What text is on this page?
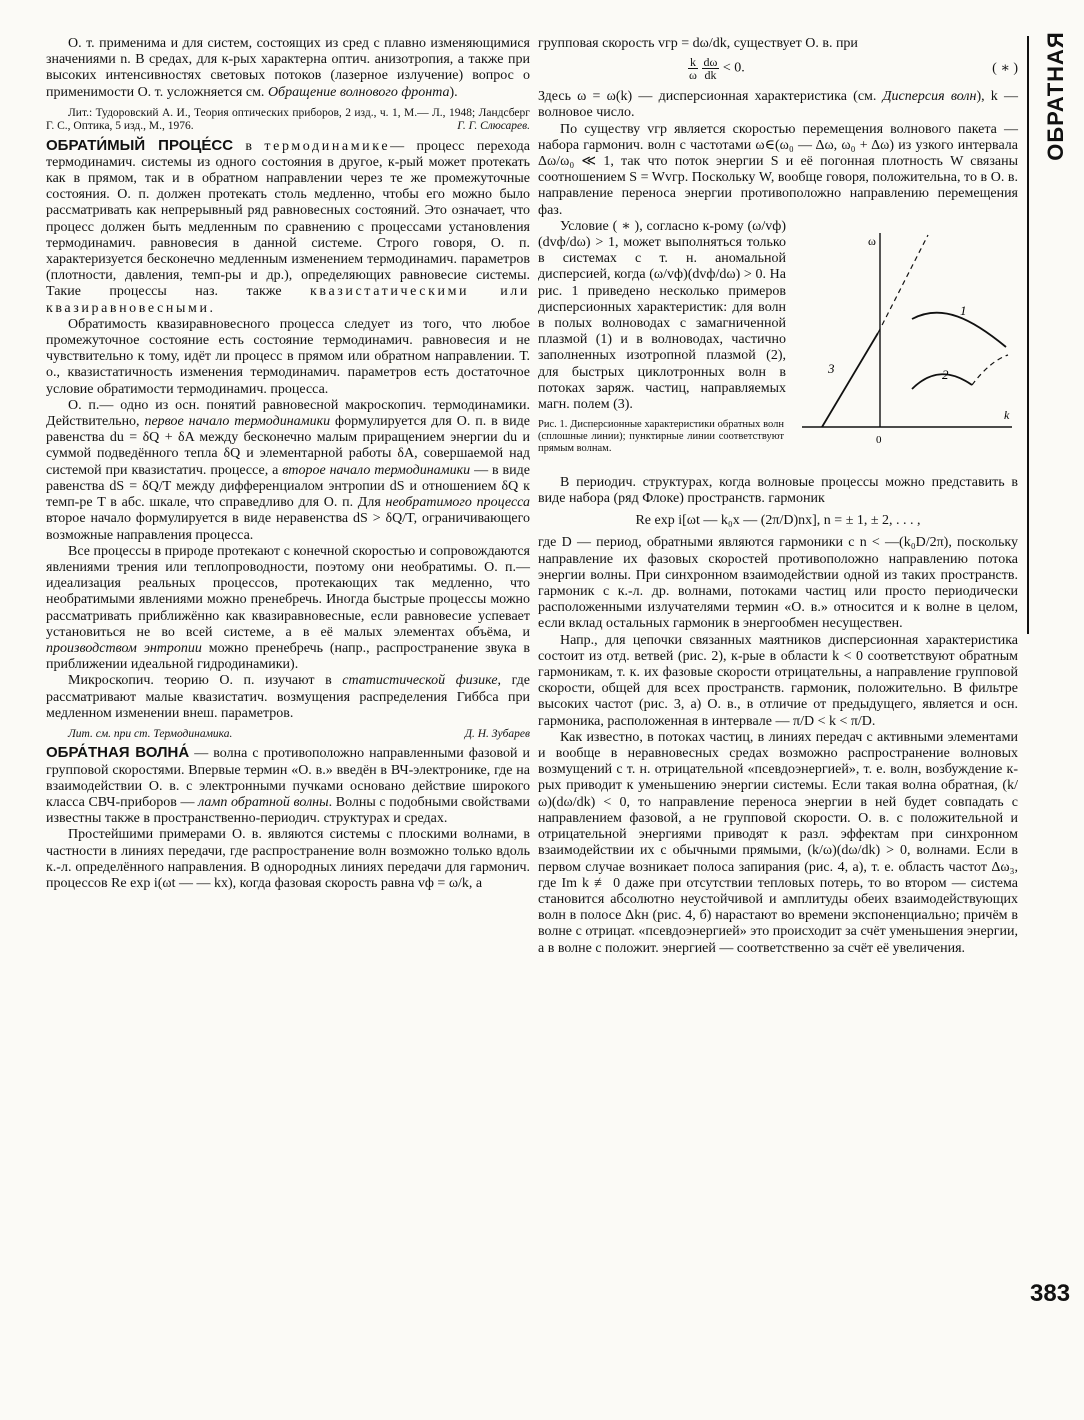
ОБРАТНАЯ
383

О. т. применима и для систем, состоящих из сред с плавно изменяющимися значениями n. В средах, для к-рых характерна оптич. анизотропия, а также при высоких интенсивностях световых потоков (лазерное излучение) вопрос о применимости О. т. усложняется см. Обращение волнового фронта).

Лит.: Тудоровский А. И., Теория оптических приборов, 2 изд., ч. 1, М.— Л., 1948; Ландсберг Г. С., Оптика, 5 изд., М., 1976.	Г. Г. Слюсарев.

ОБРАТИ́МЫЙ ПРОЦЕ́СС в термодинамике— процесс перехода термодинамич. системы из одного состояния в другое, к-рый может протекать как в прямом, так и в обратном направлении через те же промежуточные состояния. О. п. должен протекать столь медленно, чтобы его можно было рассматривать как непрерывный ряд равновесных состояний. Это означает, что процесс должен быть медленным по сравнению с процессами установления термодинамич. равновесия в данной системе. Строго говоря, О. п. характеризуется бесконечно медленным изменением термодинамич. параметров (плотности, давления, темп-ры и др.), определяющих равновесие системы. Такие процессы наз. также квазистатическими или квазиравновесными.

Обратимость квазиравновесного процесса следует из того, что любое промежуточное состояние есть состояние термодинамич. равновесия и не чувствительно к тому, идёт ли процесс в прямом или обратном направлении. Т. о., квазистатичность изменения термодинамич. параметров есть достаточное условие обратимости термодинамич. процесса.

О. п.— одно из осн. понятий равновесной макроскопич. термодинамики. Действительно, первое начало термодинамики формулируется для О. п. в виде равенства du = δQ + δA между бесконечно малым приращением энергии du и суммой подведённого тепла δQ и элементарной работы δA, совершаемой над системой при квазистатич. процессе, а второе начало термодинамики — в виде равенства dS = δQ/T между дифференциалом энтропии dS и отношением δQ к темп-ре T в абс. шкале, что справедливо для О. п. Для необратимого процесса второе начало формулируется в виде неравенства dS > δQ/T, ограничивающего возможные направления процесса.

Все процессы в природе протекают с конечной скоростью и сопровождаются явлениями трения или теплопроводности, поэтому они необратимы. О. п.— идеализация реальных процессов, протекающих так медленно, что необратимыми явлениями можно пренебречь. Иногда быстрые процессы можно рассматривать приближённо как квазиравновесные, если равновесие успевает установиться не во всей системе, а в её малых элементах объёма, и производством энтропии можно пренебречь (напр., распространение звука в приближении идеальной гидродинамики).

Микроскопич. теорию О. п. изучают в статистической физике, где рассматривают малые квазистатич. возмущения распределения Гиббса при медленном изменении внеш. параметров.

Лит. см. при ст. Термодинамика.	Д. Н. Зубарев

ОБРА́ТНАЯ ВОЛНА́ — волна с противоположно направленными фазовой и групповой скоростями. Впервые термин «О. в.» введён в ВЧ-электронике, где на взаимодействии О. в. с электронными пучками основано действие широкого класса СВЧ-приборов — ламп обратной волны. Волны с подобными свойствами известны также в пространственно-периодич. структурах и средах.

Простейшими примерами О. в. являются системы с плоскими волнами, в частности в линиях передачи, где распространение волн возможно только вдоль к.-л. определённого направления. В однородных линиях передачи для гармонич. процессов Re exp i(ωt — — kx), когда фазовая скорость равна vф = ω/k, а

групповая скорость vгр = dω/dk, существует О. в. при

$\frac{k}{\omega}$
$\frac{d\omega}{dk} < 0$.	( ∗ )

Здесь ω = ω(k) — дисперсионная характеристика (см. Дисперсия волн), k — волновое число.

По существу vгр является скоростью перемещения волнового пакета — набора гармонич. волн с частотами ω∈(ω₀ — Δω, ω₀ + Δω) из узкого интервала Δω/ω₀ ≪ 1, так что поток энергии S и её погонная плотность W связаны соотношением S = Wvгр. Поскольку W, вообще говоря, положительна, то в О. в. направление переноса энергии противоположно направлению перемещения фаз.

ω
k
0
1
2
3

Условие ( ∗ ), согласно к-рому (ω/vф)(dvф/dω) > 1, может выполняться только в системах с т. н. аномальной дисперсией, когда (ω/vф)(dvф/dω) > 0. На рис. 1 приведено несколько примеров дисперсионных характеристик: для волн в полых волноводах с замагниченной плазмой (1) и в волноводах, частично заполненных изотропной плазмой (2), для быстрых циклотронных волн в потоках заряж. частиц, направляемых магн. полем (3).

Рис. 1. Дисперсионные характеристики обратных волн (сплошные линии); пунктирные линии соответствуют прямым волнам.

В периодич. структурах, когда волновые процессы можно представить в виде набора (ряд Флоке) пространств. гармоник

Re exp i[ωt — k₀x — (2π/D)nx], n = ± 1, ± 2, . . . ,

где D — период, обратными являются гармоники с n < —(k₀D/2π), поскольку направление их фазовых скоростей противоположно направлению потока энергии волны. При синхронном взаимодействии одной из таких пространств. гармоник с к.-л. др. волнами, потоками частиц или просто периодически расположенными излучателями термин «О. в.» относится и к волне в целом, если вклад остальных гармоник в энергообмен несуществен.

Напр., для цепочки связанных маятников дисперсионная характеристика состоит из отд. ветвей (рис. 2), к-рые в области k < 0 соответствуют обратным гармоникам, т. к. их фазовые скорости отрицательны, а направление групповой скорости, общей для всех пространств. гармоник, положительно. В фильтре высоких частот (рис. 3, а) О. в., в отличие от предыдущего, является и осн. гармоника, расположенная в интервале — π/D < k < π/D.

Как известно, в потоках частиц, в линиях передач с активными элементами и вообще в неравновесных средах возможно распространение волновых возмущений с т. н. отрицательной «псевдоэнергией», т. е. волн, возбуждение к-рых приводит к уменьшению энергии системы. Если такая волна обратная, (k/ω)(dω/dk) < 0, то направление переноса энергии в ней будет совпадать с направлением фазовой, а не групповой скорости. О. в. с положительной и отрицательной энергиями приводят к разл. эффектам при синхронном взаимодействии их с обычными прямыми, (k/ω)(dω/dk) > 0, волнами. Если в первом случае возникает полоса запирания (рис. 4, а), т. е. область частот Δω₃, где Im k ≢ 0 даже при отсутствии тепловых потерь, то во втором — система становится абсолютно неустойчивой и амплитуды обеих взаимодействующих волн в полосе Δkн (рис. 4, б) нарастают во времени экспоненциально; причём в волне с отрицат. «псевдоэнергией» это происходит за счёт уменьшения энергии, а в волне с положит. энергией — соответственно за счёт её увеличения.
